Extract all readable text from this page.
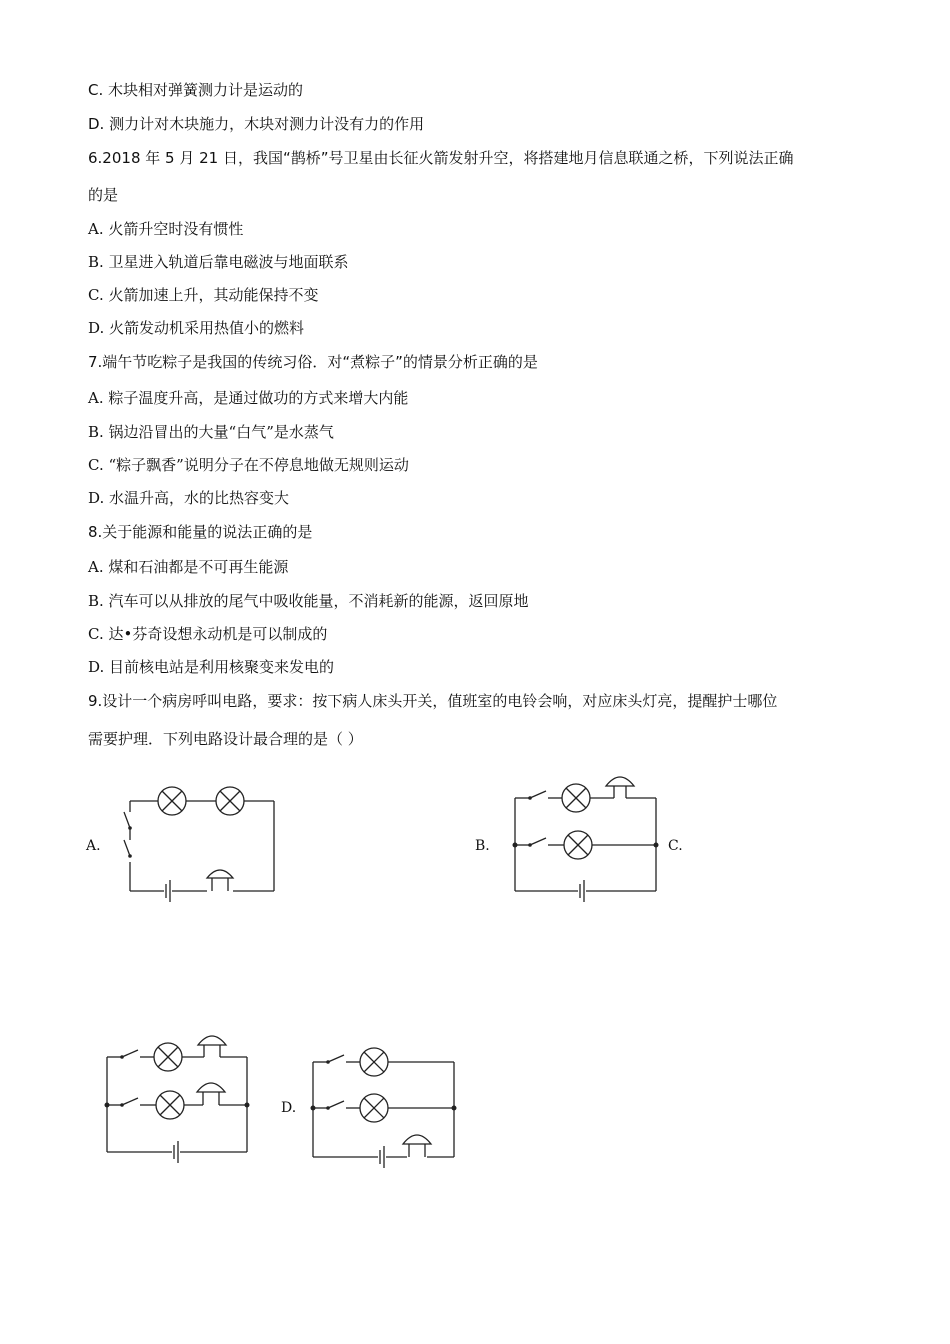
C. 木块相对弹簧测力计是运动的
D. 测力计对木块施力，木块对测力计没有力的作用
6.2018 年 5 月 21 日，我国“鹊桥”号卫星由长征火箭发射升空，将搭建地月信息联通之桥，下列说法正确
的是
A. 火箭升空时没有惯性
B. 卫星进入轨道后靠电磁波与地面联系
C. 火箭加速上升，其动能保持不变
D. 火箭发动机采用热值小的燃料
7.端午节吃粽子是我国的传统习俗．对“煮粽子”的情景分析正确的是
A. 粽子温度升高，是通过做功的方式来增大内能
B. 锅边沿冒出的大量“白气”是水蒸气
C. “粽子飘香”说明分子在不停息地做无规则运动
D. 水温升高，水的比热容变大
8.关于能源和能量的说法正确的是
A. 煤和石油都是不可再生能源
B. 汽车可以从排放的尾气中吸收能量，不消耗新的能源，返回原地
C. 达•芬奇设想永动机是可以制成的
D. 目前核电站是利用核聚变来发电的
9.设计一个病房呼叫电路，要求：按下病人床头开关，值班室的电铃会响，对应床头灯亮，提醒护士哪位
需要护理．下列电路设计最合理的是（ ）
A.	B.	C.
D.
